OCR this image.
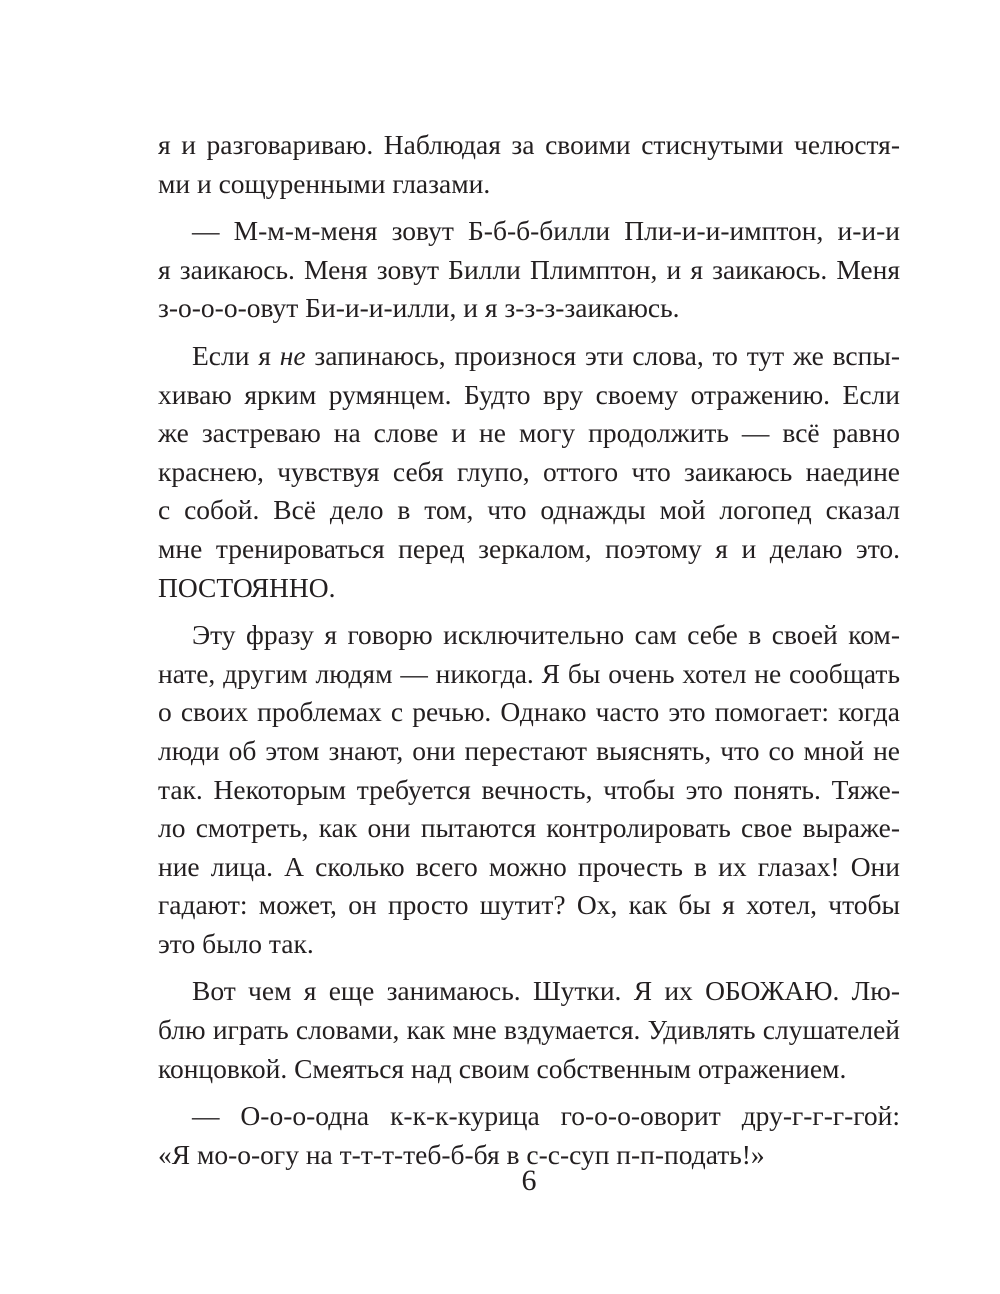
я и разговариваю. Наблюдая за своими стиснутыми челюстя-
ми и сощуренными глазами.
— М-м-м-меня зовут Б-б-б-билли Пли-и-и-имптон, и-и-и
я заикаюсь. Меня зовут Билли Плимптон, и я заикаюсь. Меня
з-о-о-о-овут Би-и-и-илли, и я з-з-з-заикаюсь.
Если я не запинаюсь, произнося эти слова, то тут же вспы-
хиваю ярким румянцем. Будто вру своему отражению. Если
же застреваю на слове и не могу продолжить — всё равно
краснею, чувствуя себя глупо, оттого что заикаюсь наедине
с собой. Всё дело в том, что однажды мой логопед сказал
мне тренироваться перед зеркалом, поэтому я и делаю это.
ПОСТОЯННО.
Эту фразу я говорю исключительно сам себе в своей ком-
нате, другим людям — никогда. Я бы очень хотел не сообщать
о своих проблемах с речью. Однако часто это помогает: когда
люди об этом знают, они перестают выяснять, что со мной не
так. Некоторым требуется вечность, чтобы это понять. Тяже-
ло смотреть, как они пытаются контролировать свое выраже-
ние лица. А сколько всего можно прочесть в их глазах! Они
гадают: может, он просто шутит? Ох, как бы я хотел, чтобы
это было так.
Вот чем я еще занимаюсь. Шутки. Я их ОБОЖАЮ. Лю-
блю играть словами, как мне вздумается. Удивлять слушателей
концовкой. Смеяться над своим собственным отражением.
— О-о-о-одна к-к-к-курица го-о-о-оворит дру-г-г-г-гой:
«Я мо-о-огу на т-т-т-теб-б-бя в с-с-суп п-п-подать!»
6
